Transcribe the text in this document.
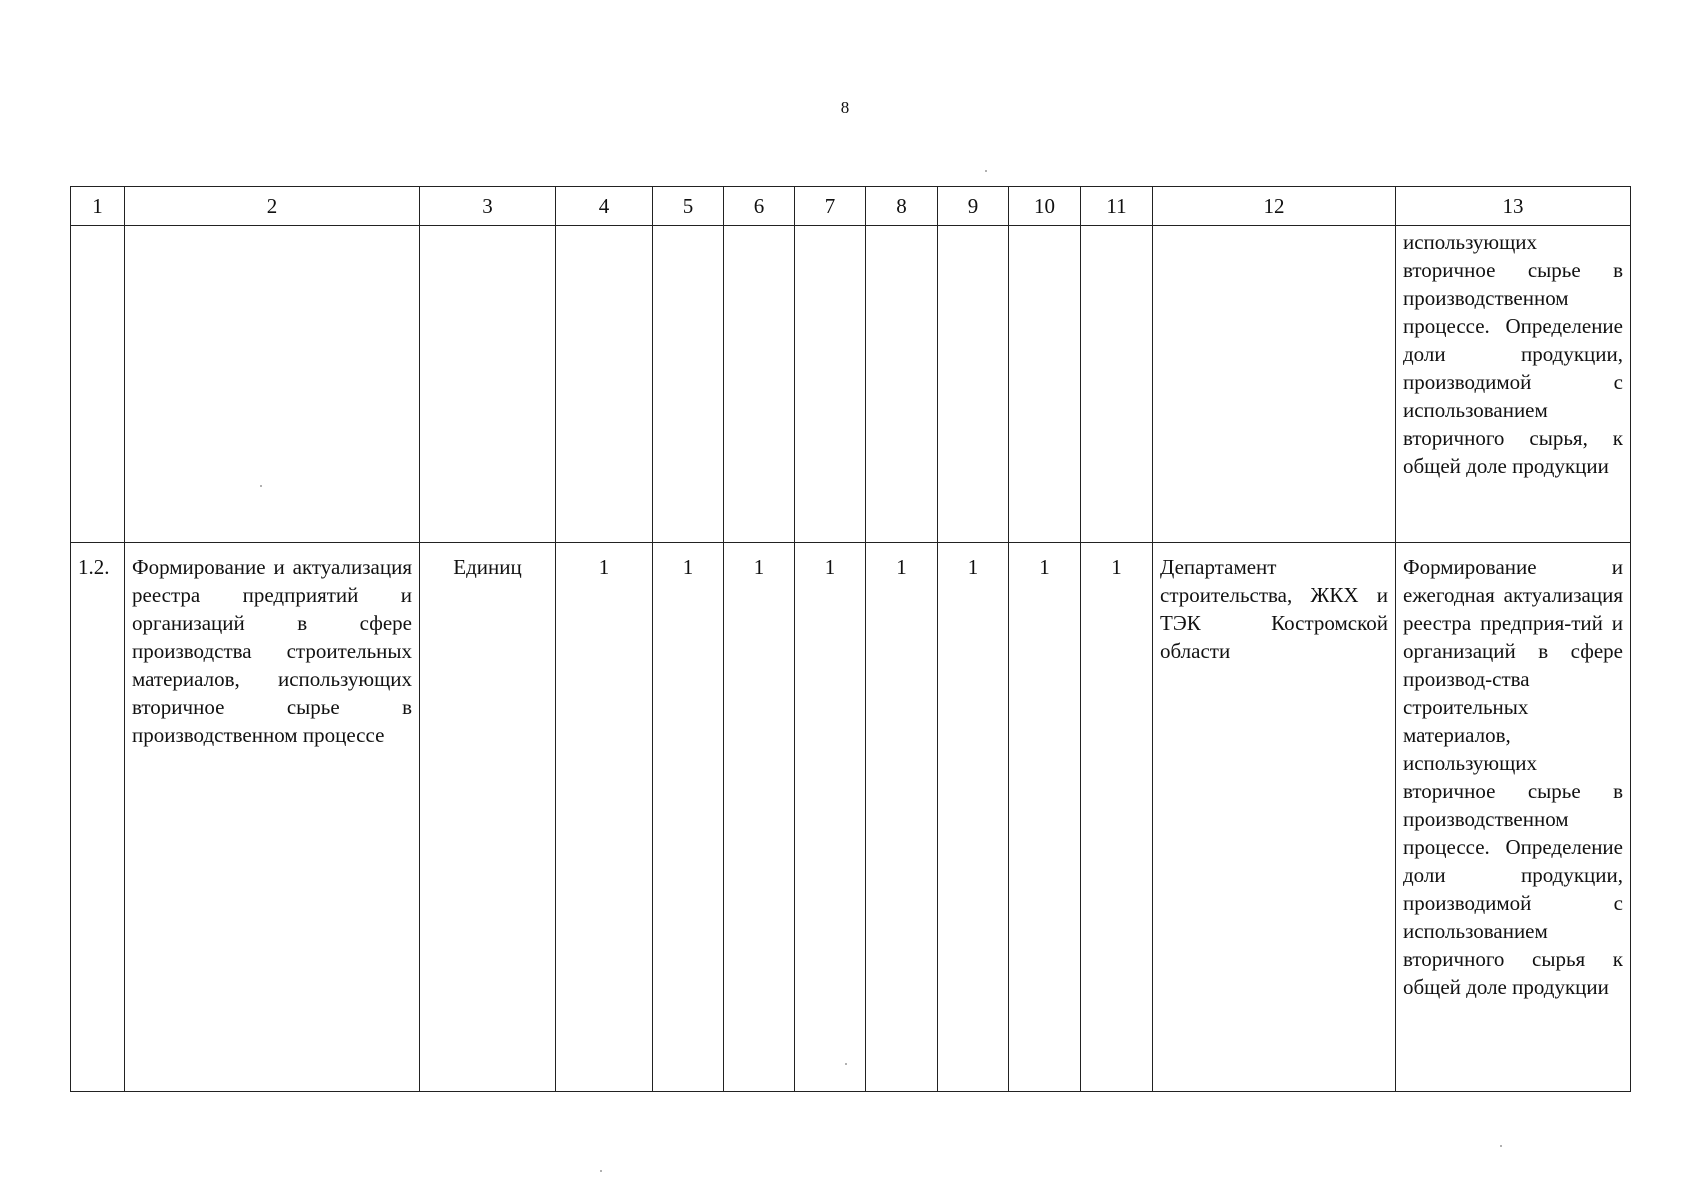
8
1	2	3	4	5	6	7	8	9	10	11	12	13
												использующих вторичное сырье в производственном процессе. Определение доли продукции, производимой с использованием вторичного сырья, к общей доле продукции
1.2.	Формирование и актуализация реестра предприятий и организаций в сфере производства строительных материалов, использующих вторичное сырье в производственном процессе	Единиц	1	1	1	1	1	1	1	1	Департамент строительства, ЖКХ и ТЭК Костромской области	Формирование и ежегодная актуализация реестра предприя-тий и организаций в сфере производ-ства строительных материалов, использующих вторичное сырье в производственном процессе. Определение доли продукции, производимой с использованием вторичного сырья к общей доле продукции
